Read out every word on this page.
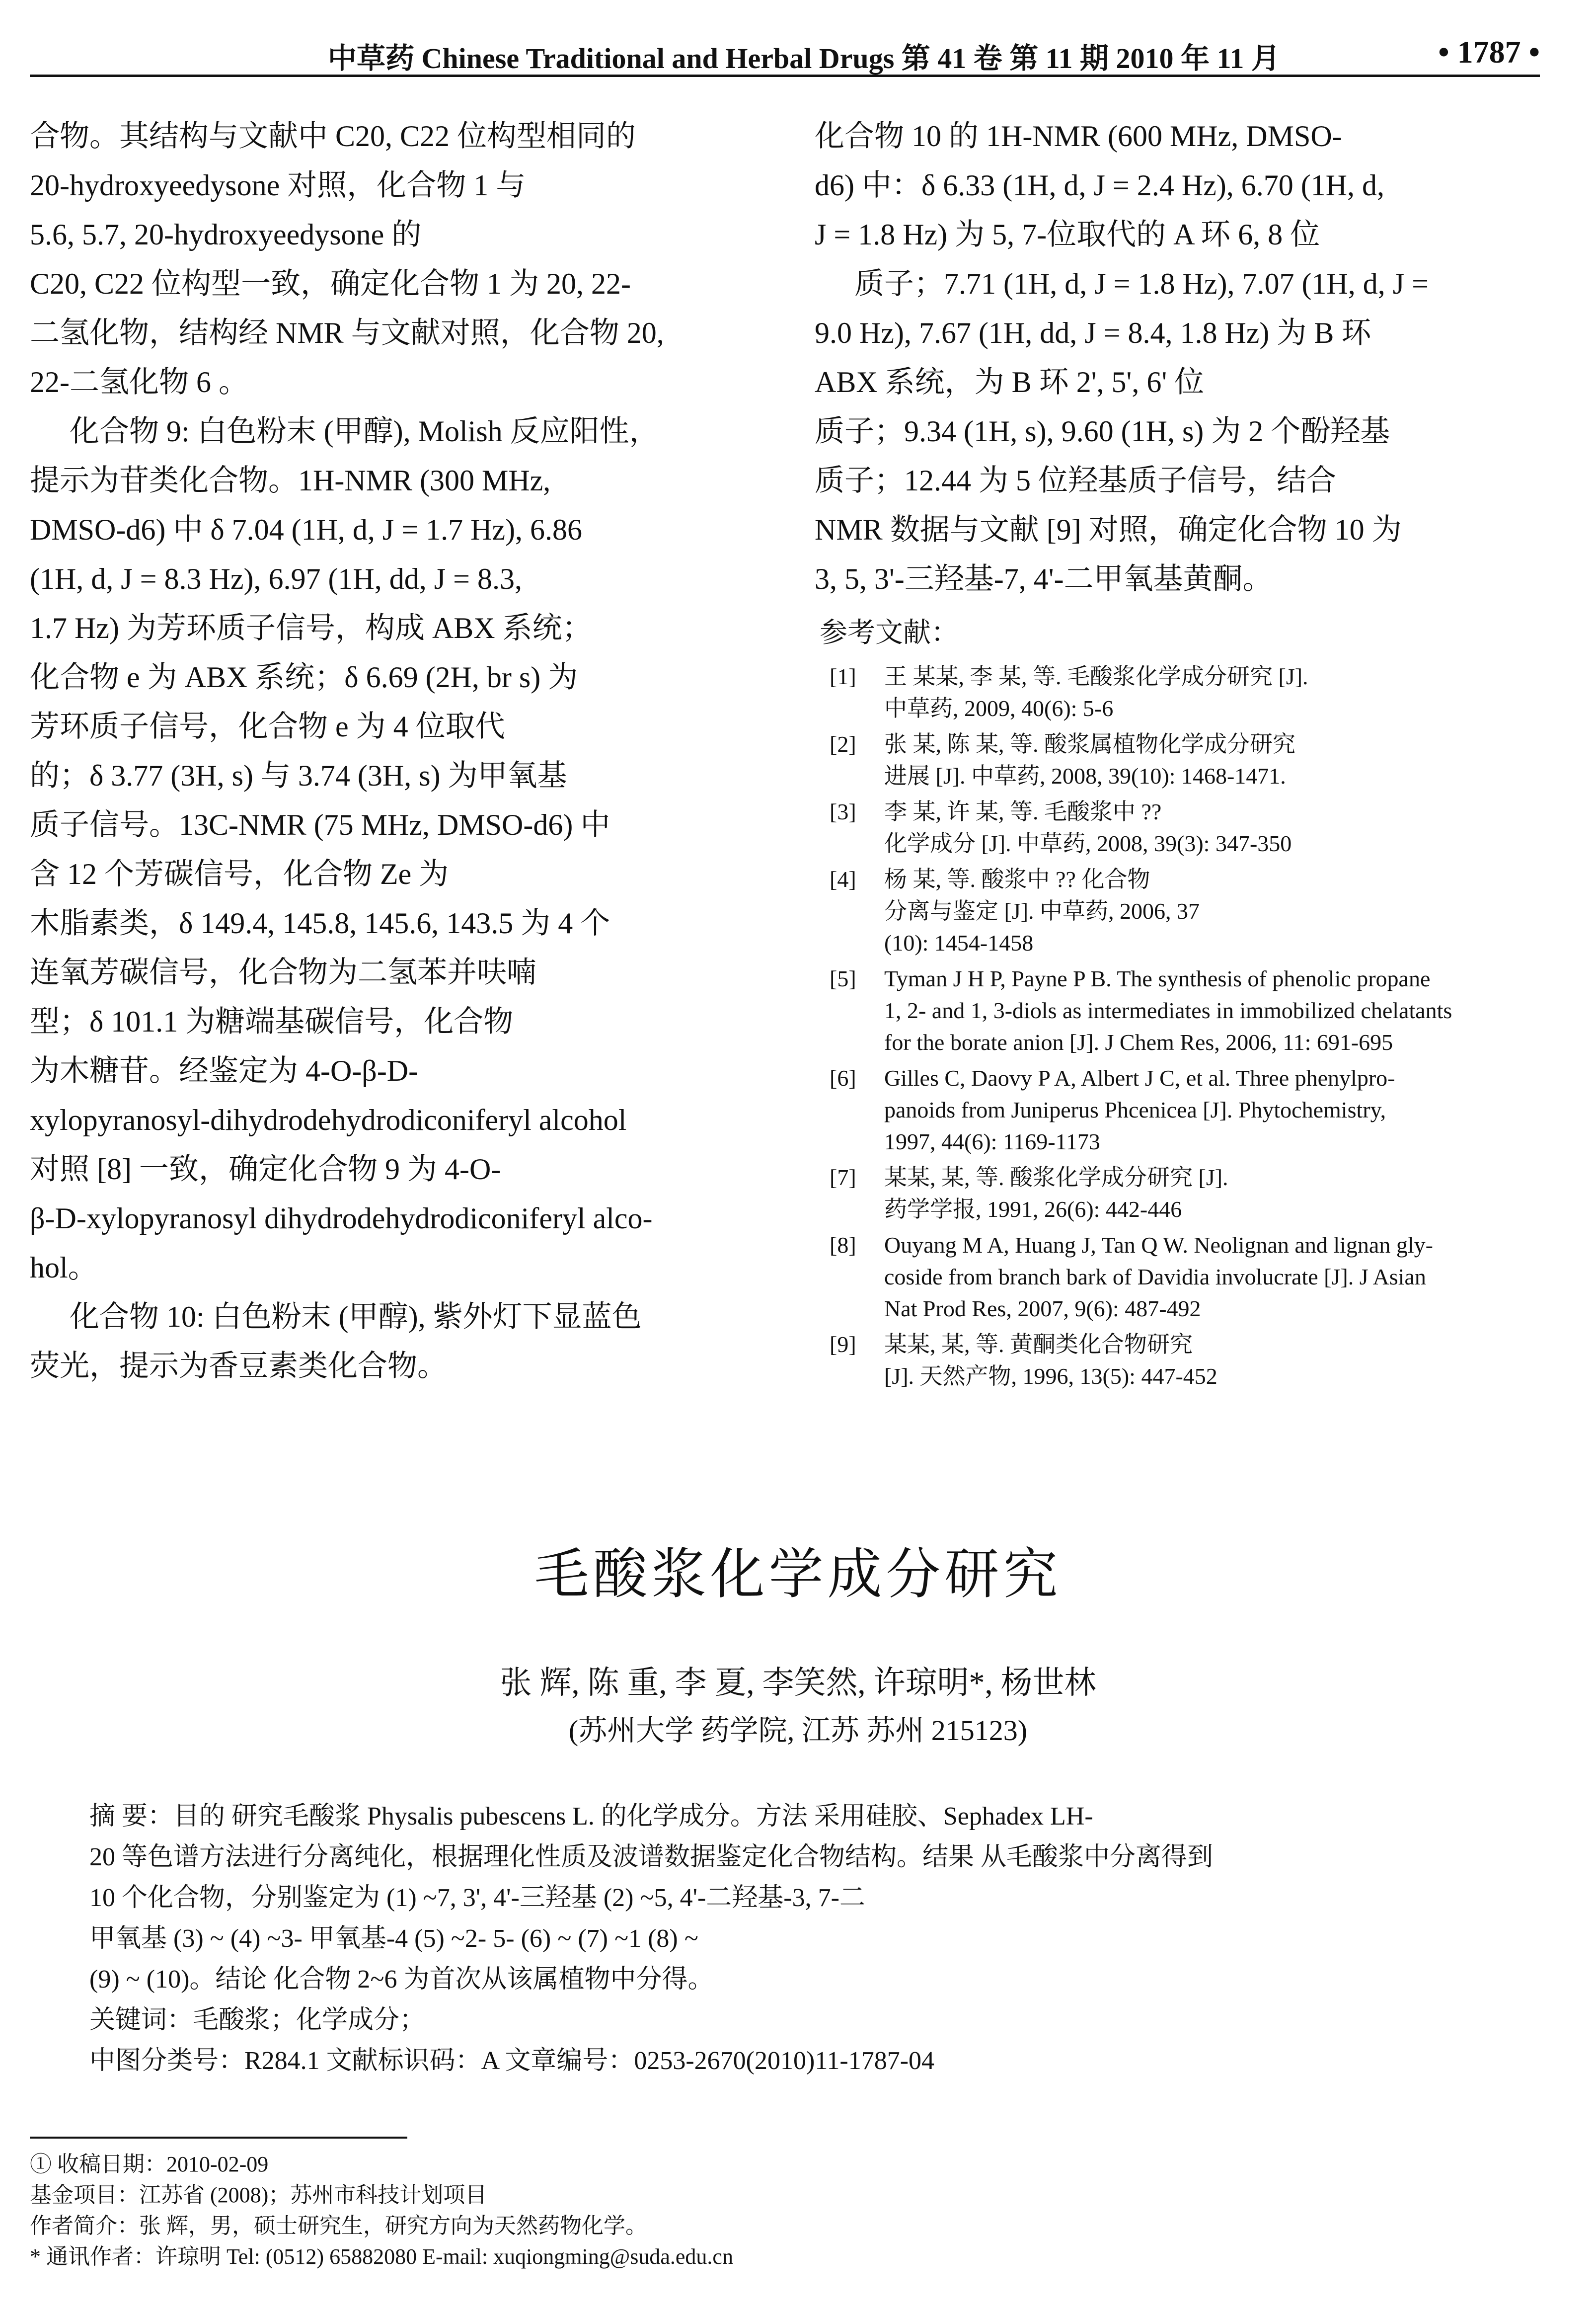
中草药 Chinese Traditional and Herbal Drugs 第 41 卷 第 11 期 2010 年 11 月	• 1787 •

合物。其结构与文献中 C20, C22 位构型相同的

20-hydroxyeedysone 对照，化合物 1 与

5.6, 5.7, 20-hydroxyeedysone 的

C20, C22 位构型一致，确定化合物 1 为 20, 22-

二氢化物，结构经 NMR 与文献对照，化合物 20,

22-二氢化物 6 。

化合物 9: 白色粉末 (甲醇), Molish 反应阳性，

提示为苷类化合物。1H-NMR (300 MHz,

DMSO-d6) 中 δ 7.04 (1H, d, J = 1.7 Hz), 6.86

(1H, d, J = 8.3 Hz), 6.97 (1H, dd, J = 8.3,

1.7 Hz) 为芳环质子信号，构成 ABX 系统；

化合物 e 为 ABX 系统；δ 6.69 (2H, br s) 为

芳环质子信号，化合物 e 为 4 位取代

的；δ 3.77 (3H, s) 与 3.74 (3H, s) 为甲氧基

质子信号。13C-NMR (75 MHz, DMSO-d6) 中

含 12 个芳碳信号，化合物 Ze 为

木脂素类，δ 149.4, 145.8, 145.6, 143.5 为 4 个

连氧芳碳信号，化合物为二氢苯并呋喃

型；δ 101.1 为糖端基碳信号，化合物

为木糖苷。经鉴定为 4-O-β-D-

xylopyranosyl-dihydrodehydrodiconiferyl alcohol

对照 [8] 一致，确定化合物 9 为 4-O-

β-D-xylopyranosyl dihydrodehydrodiconiferyl alco-

hol。

化合物 10: 白色粉末 (甲醇), 紫外灯下显蓝色

荧光，提示为香豆素类化合物。

化合物 10 的 1H-NMR (600 MHz, DMSO-

d6) 中：δ 6.33 (1H, d, J = 2.4 Hz), 6.70 (1H, d,

J = 1.8 Hz) 为 5, 7-位取代的 A 环 6, 8 位

质子；7.71 (1H, d, J = 1.8 Hz), 7.07 (1H, d, J =

9.0 Hz), 7.67 (1H, dd, J = 8.4, 1.8 Hz) 为 B 环

ABX 系统，为 B 环 2', 5', 6' 位

质子；9.34 (1H, s), 9.60 (1H, s) 为 2 个酚羟基

质子；12.44 为 5 位羟基质子信号，结合

NMR 数据与文献 [9] 对照，确定化合物 10 为

3, 5, 3'-三羟基-7, 4'-二甲氧基黄酮。

参考文献：
[1]	王 某某, 李 某, 等. 毛酸浆化学成分研究 [J].
中草药, 2009, 40(6): 5-6
[2]	张 某, 陈 某, 等. 酸浆属植物化学成分研究
进展 [J]. 中草药, 2008, 39(10): 1468-1471.
[3]	李 某, 许 某, 等. 毛酸浆中 ??
化学成分 [J]. 中草药, 2008, 39(3): 347-350
[4]	杨 某, 等. 酸浆中 ?? 化合物
分离与鉴定 [J]. 中草药, 2006, 37
(10): 1454-1458
[5]	Tyman J H P, Payne P B. The synthesis of phenolic propane
1, 2- and 1, 3-diols as intermediates in immobilized chelatants
for the borate anion [J]. J Chem Res, 2006, 11: 691-695
[6]	Gilles C, Daovy P A, Albert J C, et al. Three phenylpro-
panoids from Juniperus Phcenicea [J]. Phytochemistry,
1997, 44(6): 1169-1173
[7]	某某, 某, 等. 酸浆化学成分研究 [J].
药学学报, 1991, 26(6): 442-446
[8]	Ouyang M A, Huang J, Tan Q W. Neolignan and lignan gly-
coside from branch bark of Davidia involucrate [J]. J Asian
Nat Prod Res, 2007, 9(6): 487-492
[9]	某某, 某, 等. 黄酮类化合物研究
[J]. 天然产物, 1996, 13(5): 447-452
毛酸浆化学成分研究
张 辉, 陈 重, 李 夏, 李笑然, 许琼明*, 杨世林
(苏州大学 药学院, 江苏 苏州 215123)

摘 要：目的 研究毛酸浆 Physalis pubescens L. 的化学成分。方法 采用硅胶、Sephadex LH-

20 等色谱方法进行分离纯化，根据理化性质及波谱数据鉴定化合物结构。结果 从毛酸浆中分离得到

10 个化合物，分别鉴定为 (1) ~7, 3', 4'-三羟基 (2) ~5, 4'-二羟基-3, 7-二

甲氧基 (3) ~ (4) ~3- 甲氧基-4 (5) ~2- 5- (6) ~ (7) ~1 (8) ~

(9) ~ (10)。结论 化合物 2~6 为首次从该属植物中分得。

关键词：毛酸浆；化学成分；

中图分类号：R284.1 文献标识码：A 文章编号：0253-2670(2010)11-1787-04

① 收稿日期：2010-02-09

基金项目：江苏省 (2008)；苏州市科技计划项目

作者简介：张 辉，男，硕士研究生，研究方向为天然药物化学。

* 通讯作者：许琼明 Tel: (0512) 65882080 E-mail: xuqiongming@suda.edu.cn
